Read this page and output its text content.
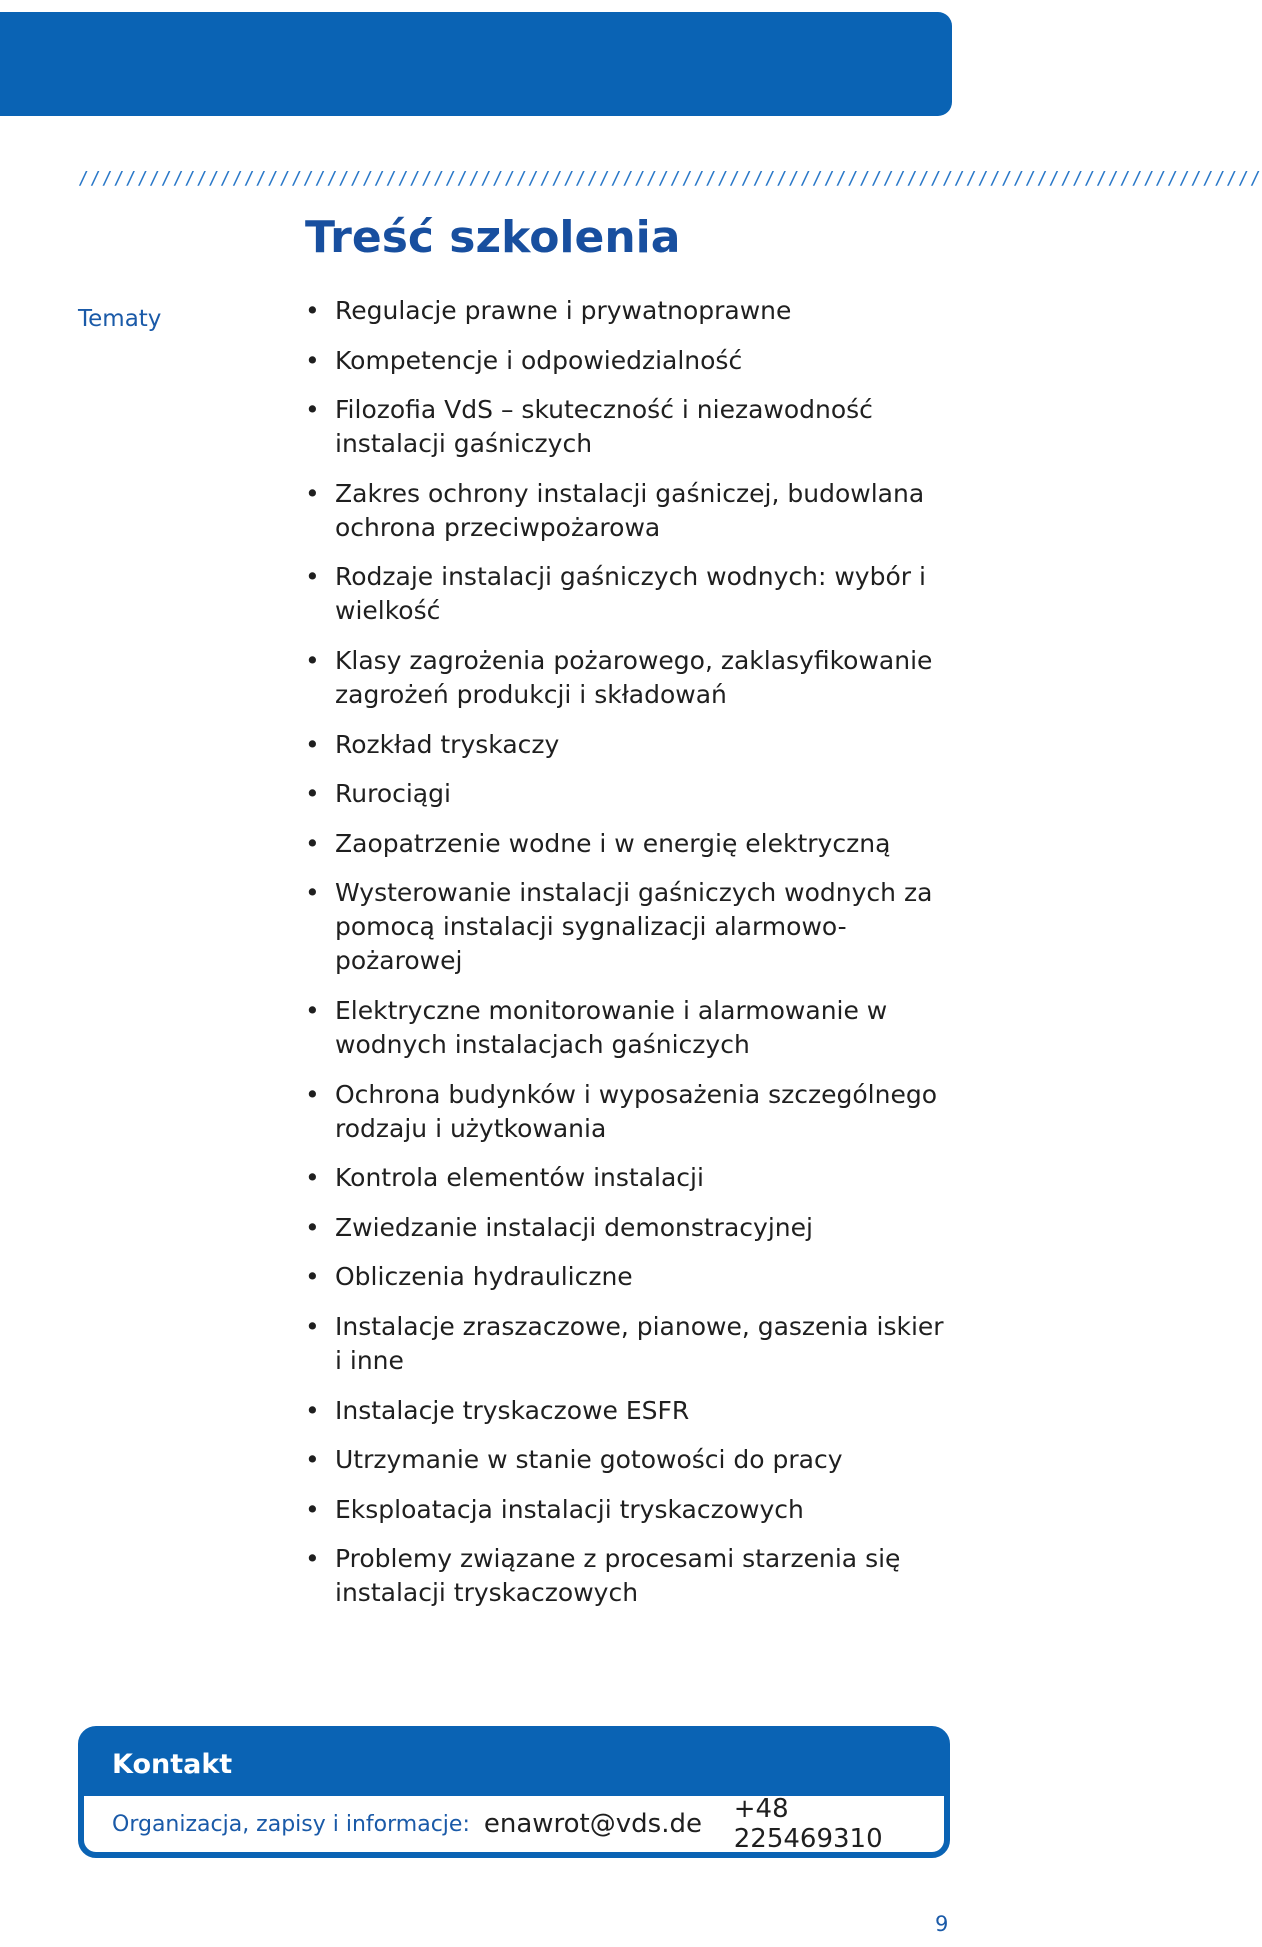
////////////////////////////////////////////////////////////////////////////////////////////////////
Treść szkolenia
Tematy	• Regulacje prawne i prywatnoprawne
• Kompetencje i odpowiedzialność
• Filozofia VdS – skuteczność i niezawodność instalacji gaśniczych
• Zakres ochrony instalacji gaśniczej, budowlana ochrona przeciwpożarowa
• Rodzaje instalacji gaśniczych wodnych: wybór i wielkość
• Klasy zagrożenia pożarowego, zaklasyfikowanie zagrożeń produkcji i składowań
• Rozkład tryskaczy
• Rurociągi
• Zaopatrzenie wodne i w energię elektryczną
• Wysterowanie instalacji gaśniczych wodnych za pomocą instalacji sygnalizacji alarmowo-pożarowej
• Elektryczne monitorowanie i alarmowanie w wodnych instalacjach gaśniczych
• Ochrona budynków i wyposażenia szczególnego rodzaju i użytkowania
• Kontrola elementów instalacji
• Zwiedzanie instalacji demonstracyjnej
• Obliczenia hydrauliczne
• Instalacje zraszaczowe, pianowe, gaszenia iskier i inne
• Instalacje tryskaczowe ESFR
• Utrzymanie w stanie gotowości do pracy
• Eksploatacja instalacji tryskaczowych
• Problemy związane z procesami starzenia się instalacji tryskaczowych
Kontakt
Organizacja, zapisy i informacje: enawrot@vds.de	+48 225469310
9
